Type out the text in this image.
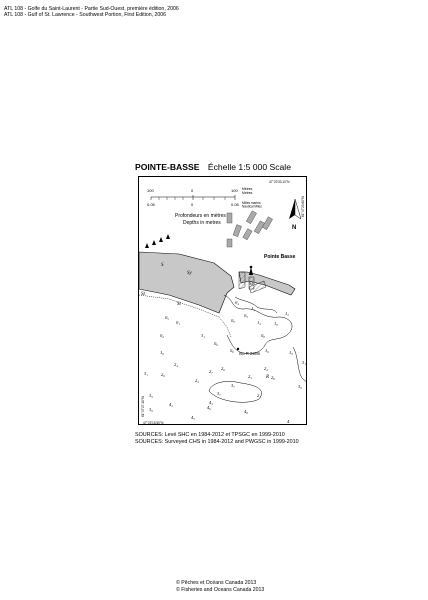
ATL 108 - Golfe du Saint-Laurent - Partie Sud-Ouest, première édition, 2006
ATL 108 - Gulf of St. Lawrence - Southwest Portion, First Edition, 2006
POINTE-BASSE Échelle 1:5 000 Scale
100	0	100 Mètres
Metres
0.05	0	0.05 Milles marins Nautical Miles
Profondeurs en mètres
Depths in metres
47°23'33.10"N
61°47'29.60"W
61°47'27.10"W
47°23'15.50"N
N
Pointe Basse
Iso R 2s8m
R
S
Sy
St
St
St
0₅
0₁
0₂
1₆
2₄
3₁	2₆
3₉
3₉
4₂
4₅
4₆
4₈
4
3₁
0₆
0₅
0₄
0₆
0₃
1₁
1₂
0₈
1₉
1₂
1₉
1₆
3₁
3₉
2₂
2₅	2₈
2₁
3₇
3₇
2₃
2₇
2₆
4₃
SOURCES: Levé SHC en 1984-2012 et TPSGC en 1999-2010
SOURCES: Surveyed CHS in 1984-2012 and PWGSC in 1999-2010
© Pêches et Océans Canada 2013
© Fisheries and Oceans Canada 2013
